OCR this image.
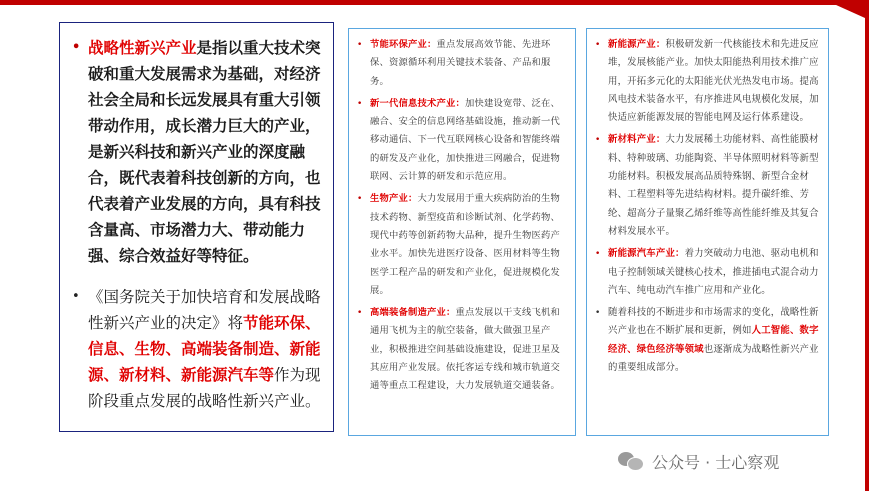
• 战略性新兴产业是指以重大技术突破和重大发展需求为基础，对经济社会全局和长远发展具有重大引领带动作用，成长潜力巨大的产业，是新兴科技和新兴产业的深度融合，既代表着科技创新的方向，也代表着产业发展的方向，具有科技含量高、市场潜力大、带动能力强、综合效益好等特征。
• 《国务院关于加快培育和发展战略性新兴产业的决定》将节能环保、信息、生物、高端装备制造、新能源、新材料、新能源汽车等作为现阶段重点发展的战略性新兴产业。
• 节能环保产业：重点发展高效节能、先进环保、资源循环利用关键技术装备、产品和服务。
• 新一代信息技术产业：加快建设宽带、泛在、融合、安全的信息网络基础设施，推动新一代移动通信、下一代互联网核心设备和智能终端的研发及产业化，加快推进三网融合，促进物联网、云计算的研发和示范应用。
• 生物产业：大力发展用于重大疾病防治的生物技术药物、新型疫苗和诊断试剂、化学药物、现代中药等创新药物大品种，提升生物医药产业水平。加快先进医疗设备、医用材料等生物医学工程产品的研发和产业化，促进规模化发展。
• 高端装备制造产业：重点发展以干支线飞机和通用飞机为主的航空装备，做大做强卫星产业，积极推进空间基础设施建设，促进卫星及其应用产业发展。依托客运专线和城市轨道交通等重点工程建设，大力发展轨道交通装备。
• 新能源产业：积极研发新一代核能技术和先进反应堆，发展核能产业。加快太阳能热利用技术推广应用，开拓多元化的太阳能光伏光热发电市场。提高风电技术装备水平，有序推进风电规模化发展，加快适应新能源发展的智能电网及运行体系建设。
• 新材料产业：大力发展稀土功能材料、高性能膜材料、特种玻璃、功能陶瓷、半导体照明材料等新型功能材料。积极发展高品质特殊钢、新型合金材料、工程塑料等先进结构材料。提升碳纤维、芳纶、超高分子量聚乙烯纤维等高性能纤维及其复合材料发展水平。
• 新能源汽车产业：着力突破动力电池、驱动电机和电子控制领域关键核心技术，推进插电式混合动力汽车、纯电动汽车推广应用和产业化。
• 随着科技的不断进步和市场需求的变化，战略性新兴产业也在不断扩展和更新，例如人工智能、数字经济、绿色经济等领域也逐渐成为战略性新兴产业的重要组成部分。
公众号 · 士心察观
